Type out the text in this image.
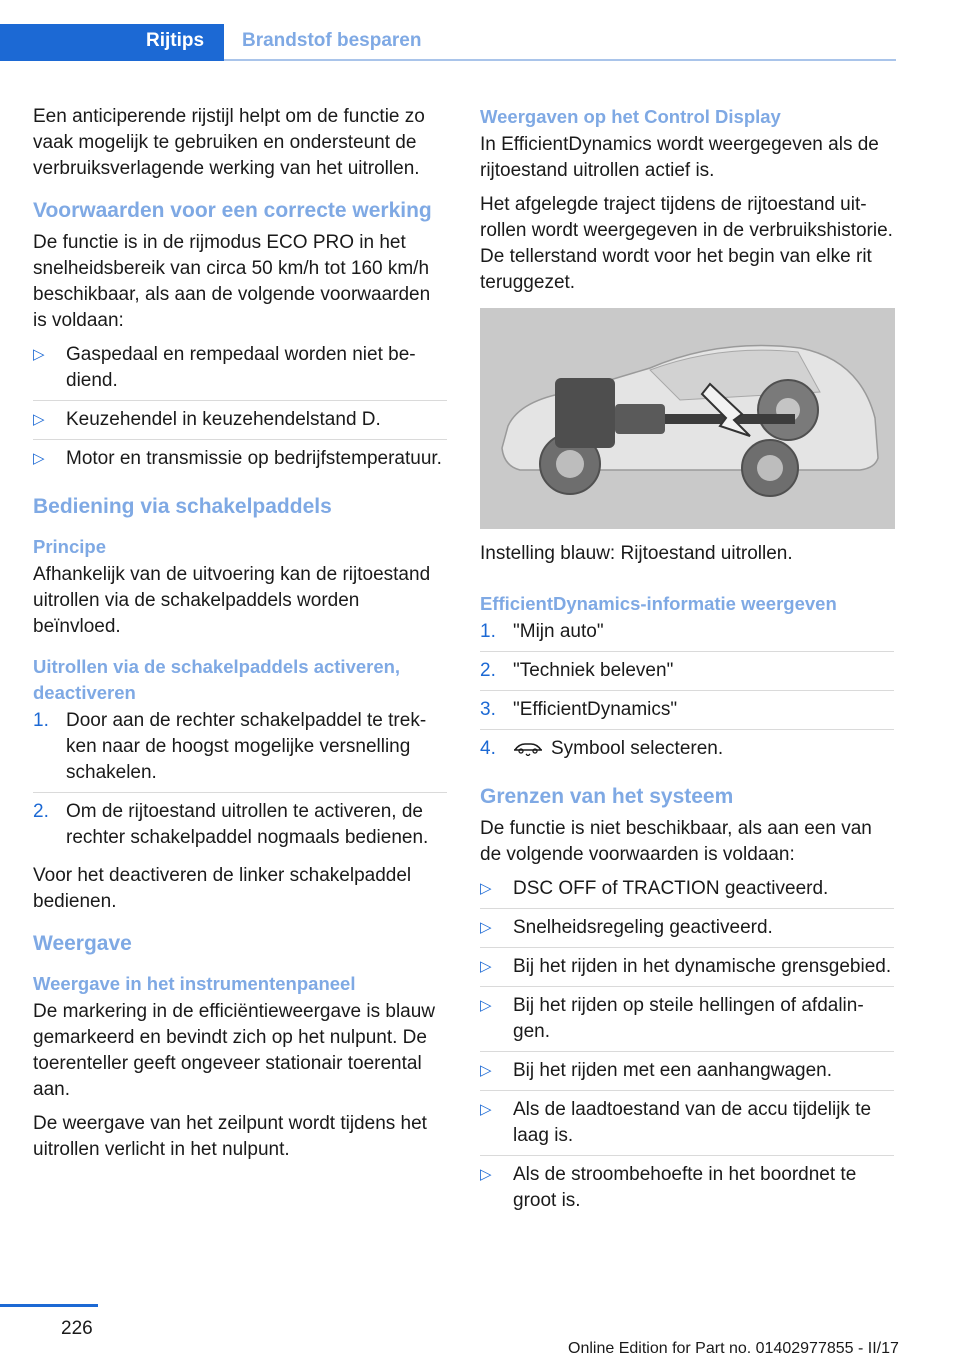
Rijtips Brandstof besparen

Een anticiperende rijstijl helpt om de functie zo vaak mogelijk te gebruiken en ondersteunt de verbruiksverlagende werking van het uitrollen.

Voorwaarden voor een correcte werking

De functie is in de rijmodus ECO PRO in het snelheidsbereik van circa 50 km/h tot 160 km/h beschikbaar, als aan de volgende voorwaarden is voldaan:

▷ Gaspedaal en rempedaal worden niet bediend.
▷ Keuzehendel in keuzehendelstand D.
▷ Motor en transmissie op bedrijfstemperatuur.
Bediening via schakelpaddels
Principe

Afhankelijk van de uitvoering kan de rijtoestand uitrollen via de schakelpaddels worden beïnvloed.

Uitrollen via de schakelpaddels activeren, deactiveren
1. Door aan de rechter schakelpaddel te trekken naar de hoogst mogelijke versnelling schakelen.
2. Om de rijtoestand uitrollen te activeren, de rechter schakelpaddel nogmaals bedienen.

Voor het deactiveren de linker schakelpaddel bedienen.

Weergave
Weergave in het instrumentenpaneel

De markering in de efficiëntieweergave is blauw gemarkeerd en bevindt zich op het nulpunt. De toerenteller geeft ongeveer stationair toerental aan.

De weergave van het zeilpunt wordt tijdens het uitrollen verlicht in het nulpunt.

Weergaven op het Control Display

In EfficientDynamics wordt weergegeven als de rijtoestand uitrollen actief is.

Het afgelegde traject tijdens de rijtoestand uitrollen wordt weergegeven in de verbruikshistorie. De tellerstand wordt voor het begin van elke rit teruggezet.

Instelling blauw: Rijtoestand uitrollen.

EfficientDynamics-informatie weergeven
1. "Mijn auto"
2. "Techniek beleven"
3. "EfficientDynamics"
4.	Symbool selecteren.
Grenzen van het systeem

De functie is niet beschikbaar, als aan een van de volgende voorwaarden is voldaan:

▷ DSC OFF of TRACTION geactiveerd.
▷ Snelheidsregeling geactiveerd.
▷ Bij het rijden in het dynamische grensgebied.
▷ Bij het rijden op steile hellingen of afdalingen.
▷ Bij het rijden met een aanhangwagen.
▷ Als de laadtoestand van de accu tijdelijk te laag is.
▷ Als de stroombehoefte in het boordnet te groot is.
226
Online Edition for Part no. 01402977855 - II/17
